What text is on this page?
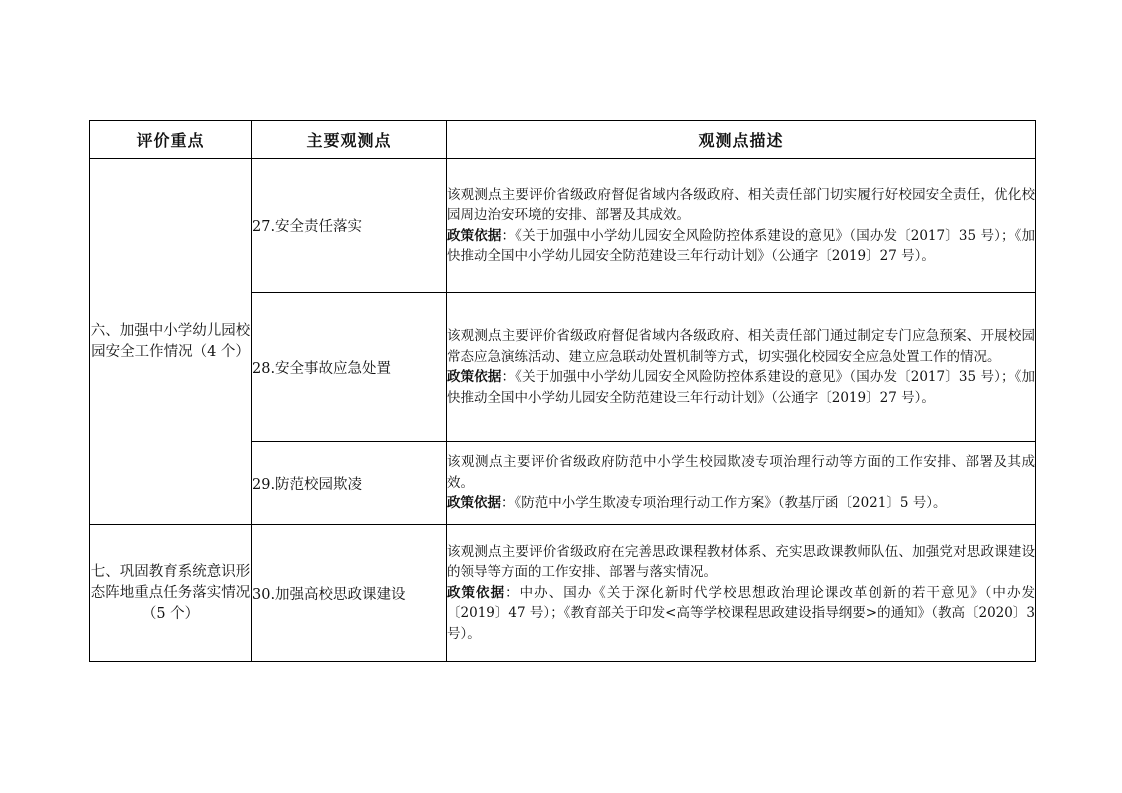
评价重点	主要观测点	观测点描述
六、加强中小学幼儿园校园安全工作情况（4 个）	27.安全责任落实	该观测点主要评价省级政府督促省域内各级政府、相关责任部门切实履行好校园安全责任，优化校园周边治安环境的安排、部署及其成效。
政策依据：《关于加强中小学幼儿园安全风险防控体系建设的意见》（国办发〔2017〕35 号）；《加快推动全国中小学幼儿园安全防范建设三年行动计划》（公通字〔2019〕27 号）。
	28.安全事故应急处置	该观测点主要评价省级政府督促省域内各级政府、相关责任部门通过制定专门应急预案、开展校园常态应急演练活动、建立应急联动处置机制等方式，切实强化校园安全应急处置工作的情况。
政策依据：《关于加强中小学幼儿园安全风险防控体系建设的意见》（国办发〔2017〕35 号）；《加快推动全国中小学幼儿园安全防范建设三年行动计划》（公通字〔2019〕27 号）。
	29.防范校园欺凌	该观测点主要评价省级政府防范中小学生校园欺凌专项治理行动等方面的工作安排、部署及其成效。
政策依据：《防范中小学生欺凌专项治理行动工作方案》（教基厅函〔2021〕5 号）。
七、巩固教育系统意识形态阵地重点任务落实情况（5 个）	30.加强高校思政课建设	该观测点主要评价省级政府在完善思政课程教材体系、充实思政课教师队伍、加强党对思政课建设的领导等方面的工作安排、部署与落实情况。
政策依据：中办、国办《关于深化新时代学校思想政治理论课改革创新的若干意见》（中办发〔2019〕47 号）；《教育部关于印发<高等学校课程思政建设指导纲要>的通知》（教高〔2020〕3 号）。
